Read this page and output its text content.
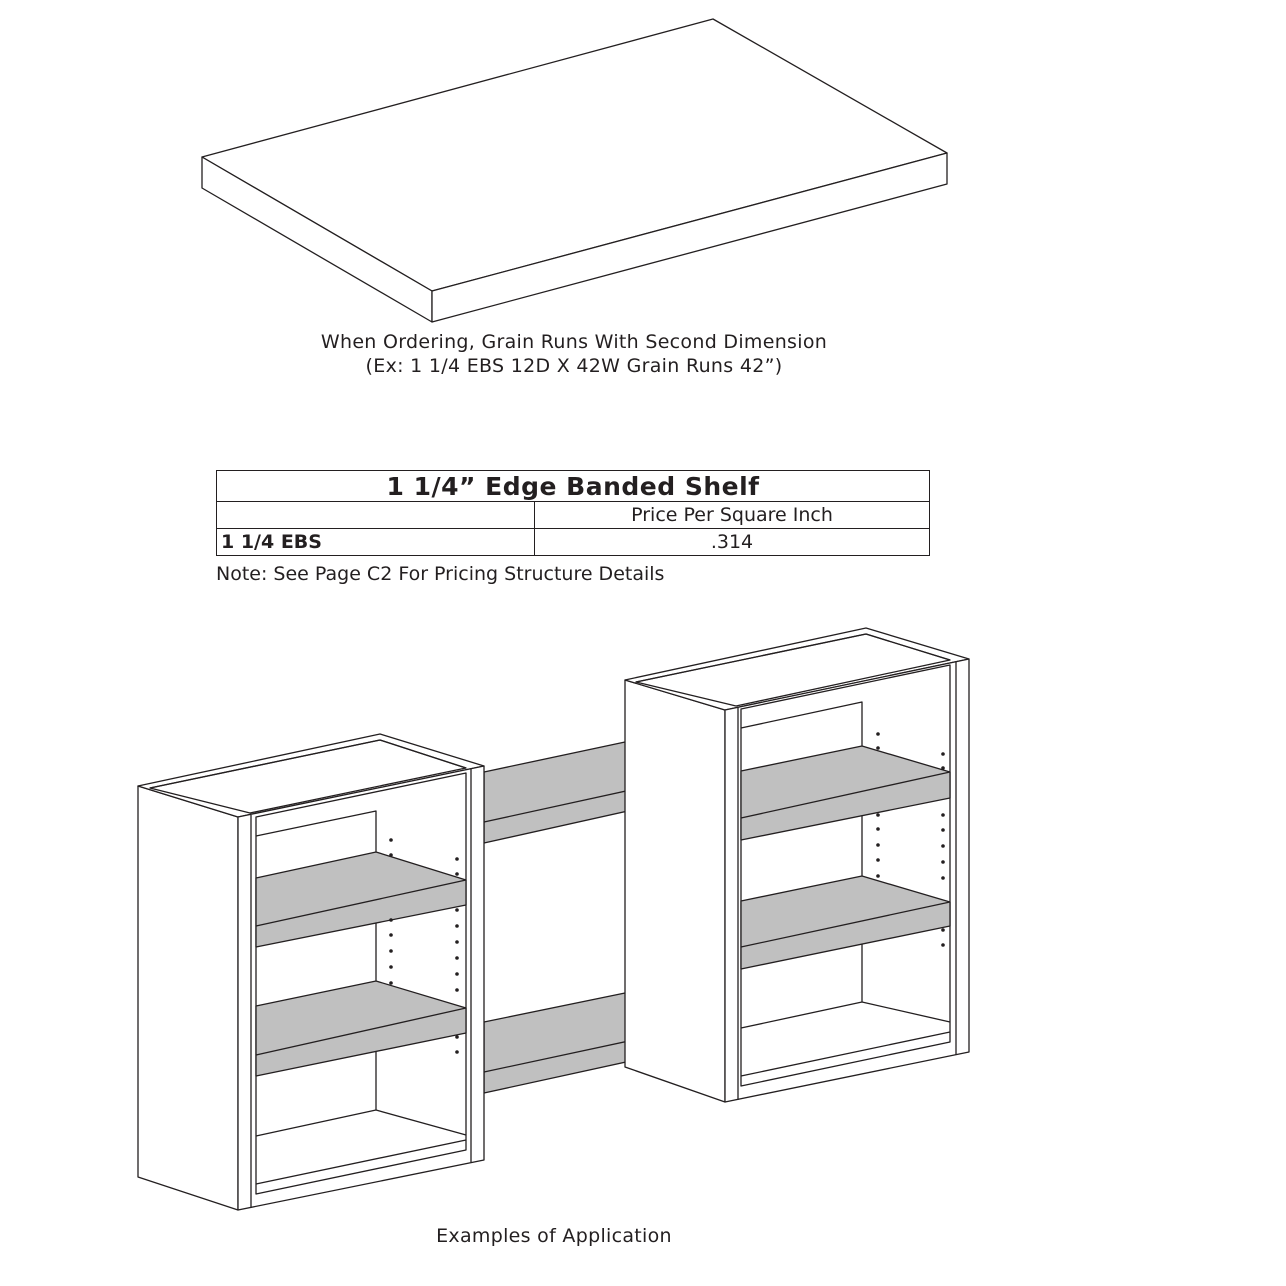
When Ordering, Grain Runs With Second Dimension
(Ex: 1 1/4 EBS 12D X 42W Grain Runs 42”)
1 1/4” Edge Banded Shelf	
	Price Per Square Inch
1 1/4 EBS	.314
Note: See Page C2 For Pricing Structure Details
Examples of Application
